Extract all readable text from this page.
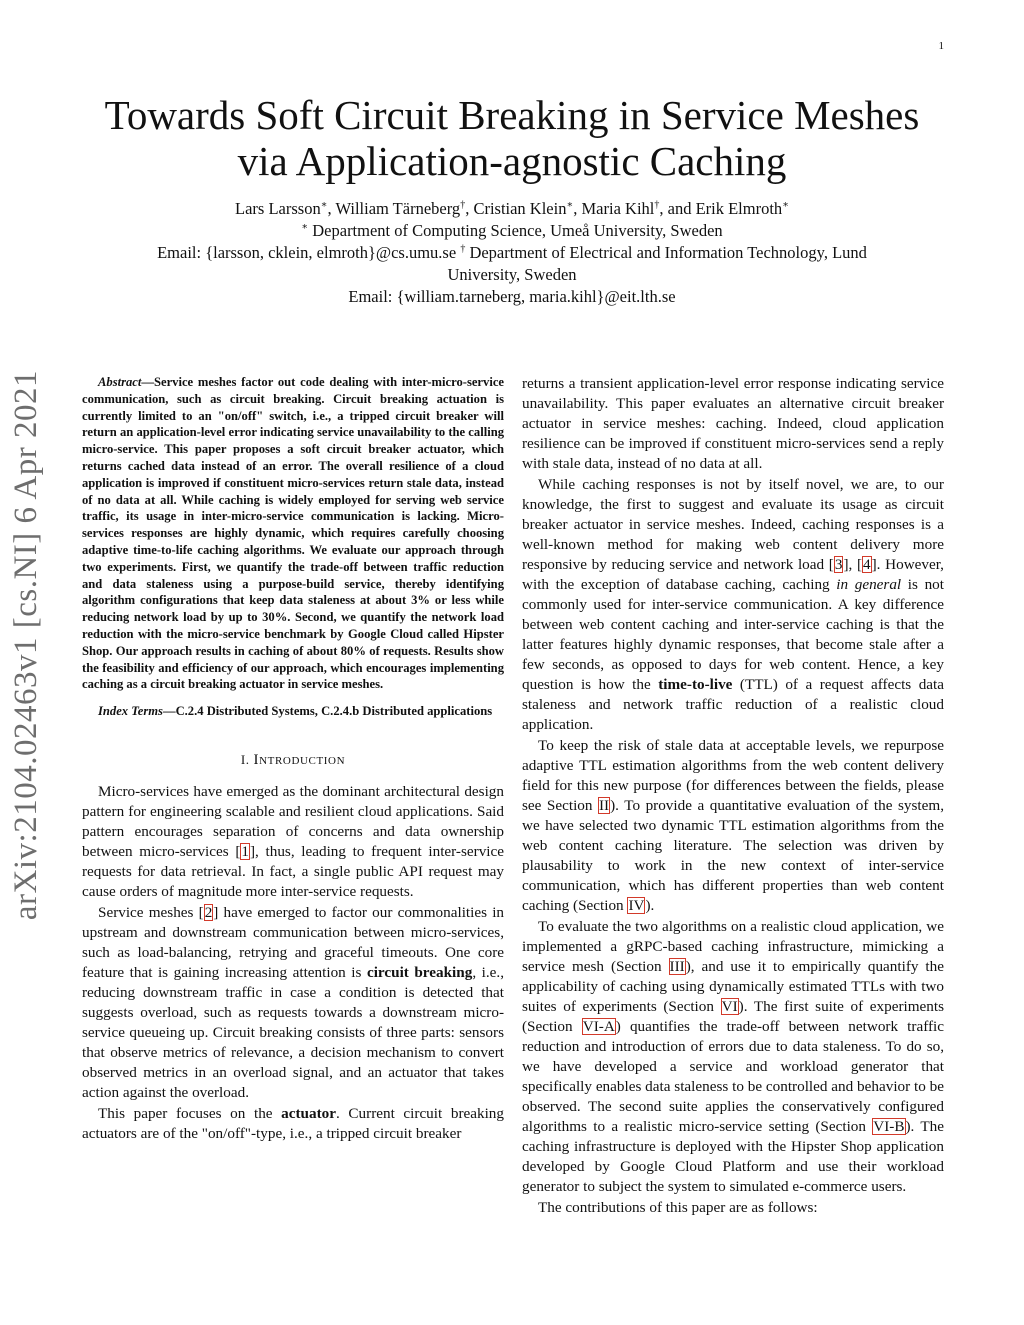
1
arXiv:2104.02463v1 [cs.NI] 6 Apr 2021
Towards Soft Circuit Breaking in Service Meshes
via Application-agnostic Caching

Lars Larsson∗, William Tärneberg†, Cristian Klein∗, Maria Kihl†, and Erik Elmroth∗

∗ Department of Computing Science, Umeå University, Sweden

Email: {larsson, cklein, elmroth}@cs.umu.se † Department of Electrical and Information Technology, Lund

University, Sweden

Email: {william.tarneberg, maria.kihl}@eit.lth.se

Abstract—Service meshes factor out code dealing with inter-micro-service communication, such as circuit breaking. Circuit breaking actuation is currently limited to an "on/off" switch, i.e., a tripped circuit breaker will return an application-level error indicating service unavailability to the calling micro-service. This paper proposes a soft circuit breaker actuator, which returns cached data instead of an error. The overall resilience of a cloud application is improved if constituent micro-services return stale data, instead of no data at all. While caching is widely employed for serving web service traffic, its usage in inter-micro-service communication is lacking. Micro-services responses are highly dynamic, which requires carefully choosing adaptive time-to-life caching algorithms. We evaluate our approach through two experiments. First, we quantify the trade-off between traffic reduction and data staleness using a purpose-build service, thereby identifying algorithm configurations that keep data staleness at about 3% or less while reducing network load by up to 30%. Second, we quantify the network load reduction with the micro-service benchmark by Google Cloud called Hipster Shop. Our approach results in caching of about 80% of requests. Results show the feasibility and efficiency of our approach, which encourages implementing caching as a circuit breaking actuator in service meshes.

Index Terms—C.2.4 Distributed Systems, C.2.4.b Distributed applications

I. Introduction

Micro-services have emerged as the dominant architectural design pattern for engineering scalable and resilient cloud applications. Said pattern encourages separation of concerns and data ownership between micro-services [1], thus, leading to frequent inter-service requests for data retrieval. In fact, a single public API request may cause orders of magnitude more inter-service requests.

Service meshes [2] have emerged to factor our commonalities in upstream and downstream communication between micro-services, such as load-balancing, retrying and graceful timeouts. One core feature that is gaining increasing attention is circuit breaking, i.e., reducing downstream traffic in case a condition is detected that suggests overload, such as requests towards a downstream micro-service queueing up. Circuit breaking consists of three parts: sensors that observe metrics of relevance, a decision mechanism to convert observed metrics in an overload signal, and an actuator that takes action against the overload.

This paper focuses on the actuator. Current circuit breaking actuators are of the "on/off"-type, i.e., a tripped circuit breaker

returns a transient application-level error response indicating service unavailability. This paper evaluates an alternative circuit breaker actuator in service meshes: caching. Indeed, cloud application resilience can be improved if constituent micro-services send a reply with stale data, instead of no data at all.

While caching responses is not by itself novel, we are, to our knowledge, the first to suggest and evaluate its usage as circuit breaker actuator in service meshes. Indeed, caching responses is a well-known method for making web content delivery more responsive by reducing service and network load [3], [4]. However, with the exception of database caching, caching in general is not commonly used for inter-service communication. A key difference between web content caching and inter-service caching is that the latter features highly dynamic responses, that become stale after a few seconds, as opposed to days for web content. Hence, a key question is how the time-to-live (TTL) of a request affects data staleness and network traffic reduction of a realistic cloud application.

To keep the risk of stale data at acceptable levels, we repurpose adaptive TTL estimation algorithms from the web content delivery field for this new purpose (for differences between the fields, please see Section II). To provide a quantitative evaluation of the system, we have selected two dynamic TTL estimation algorithms from the web content caching literature. The selection was driven by plausability to work in the new context of inter-service communication, which has different properties than web content caching (Section IV).

To evaluate the two algorithms on a realistic cloud application, we implemented a gRPC-based caching infrastructure, mimicking a service mesh (Section III), and use it to empirically quantify the applicability of caching using dynamically estimated TTLs with two suites of experiments (Section VI). The first suite of experiments (Section VI-A) quantifies the trade-off between network traffic reduction and introduction of errors due to data staleness. To do so, we have developed a service and workload generator that specifically enables data staleness to be controlled and behavior to be observed. The second suite applies the conservatively configured algorithms to a realistic micro-service setting (Section VI-B). The caching infrastructure is deployed with the Hipster Shop application developed by Google Cloud Platform and use their workload generator to subject the system to simulated e-commerce users.

The contributions of this paper are as follows:
